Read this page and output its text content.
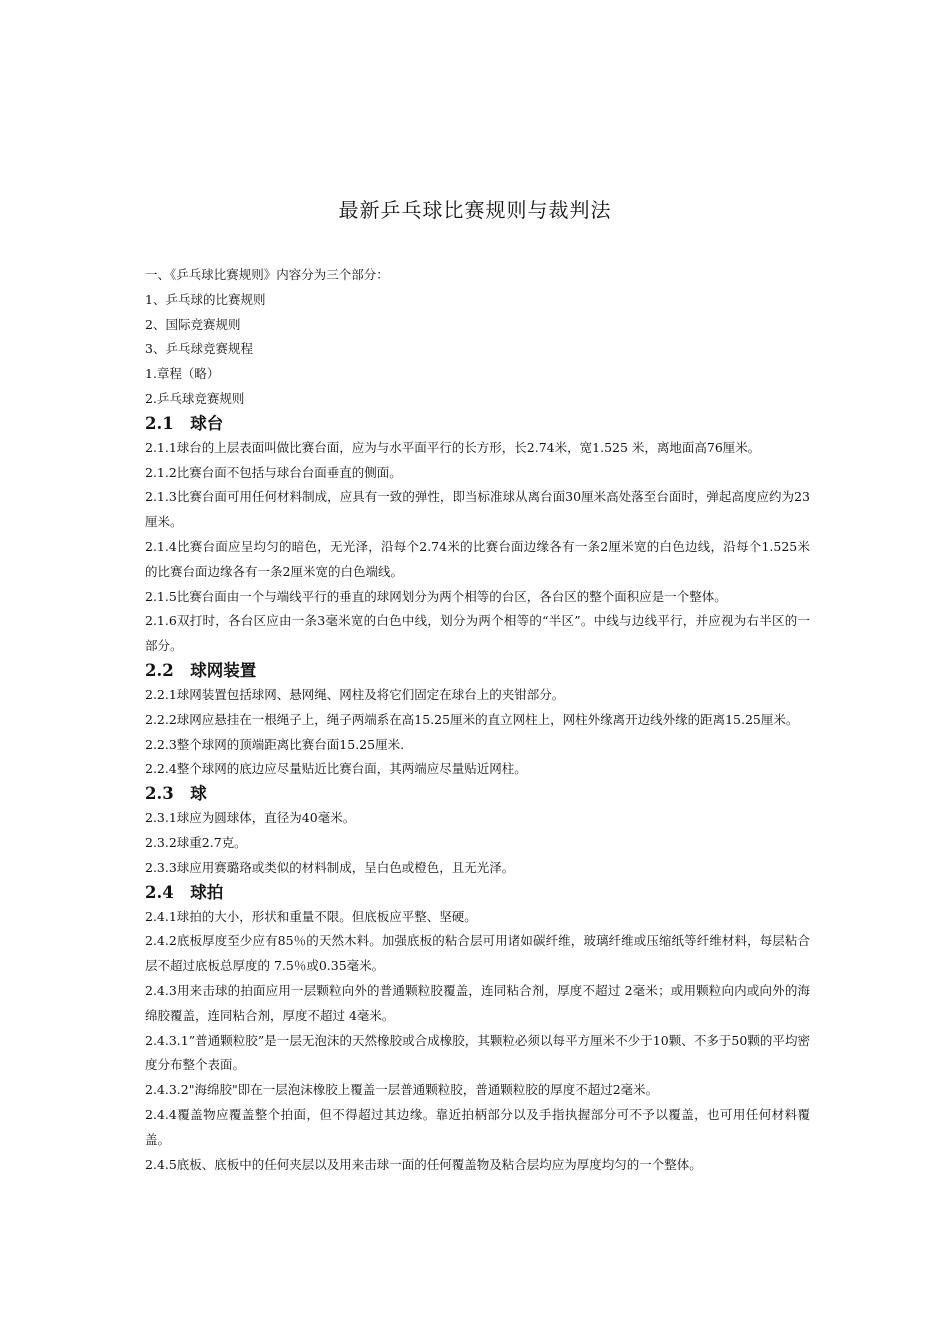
最新乒乓球比赛规则与裁判法

一、《乒乓球比赛规则》内容分为三个部分：

1、乒乓球的比赛规则

2、国际竞赛规则

3、乒乓球竞赛规程

1.章程（略）

2.乒乓球竞赛规则

2.1　球台

2.1.1球台的上层表面叫做比赛台面，应为与水平面平行的长方形，长2.74米，宽1.525 米，离地面高76厘米。

2.1.2比赛台面不包括与球台台面垂直的侧面。

2.1.3比赛台面可用任何材料制成，应具有一致的弹性，即当标准球从离台面30厘米高处落至台面时，弹起高度应约为23厘米。

2.1.4比赛台面应呈均匀的暗色，无光泽，沿每个2.74米的比赛台面边缘各有一条2厘米宽的白色边线，沿每个1.525米的比赛台面边缘各有一条2厘米宽的白色端线。

2.1.5比赛台面由一个与端线平行的垂直的球网划分为两个相等的台区，各台区的整个面积应是一个整体。

2.1.6双打时，各台区应由一条3毫米宽的白色中线，划分为两个相等的“半区”。中线与边线平行，并应视为右半区的一部分。

2.2　球网装置

2.2.1球网装置包括球网、悬网绳、网柱及将它们固定在球台上的夹钳部分。

2.2.2球网应悬挂在一根绳子上，绳子两端系在高15.25厘米的直立网柱上，网柱外缘离开边线外缘的距离15.25厘米。

2.2.3整个球网的顶端距离比赛台面15.25厘米.

2.2.4整个球网的底边应尽量贴近比赛台面，其两端应尽量贴近网柱。

2.3　球

2.3.1球应为圆球体，直径为40毫米。

2.3.2球重2.7克。

2.3.3球应用赛璐珞或类似的材料制成，呈白色或橙色，且无光泽。

2.4　球拍

2.4.1球拍的大小，形状和重量不限。但底板应平整、坚硬。

2.4.2底板厚度至少应有85％的天然木料。加强底板的粘合层可用诸如碳纤维，玻璃纤维或压缩纸等纤维材料，每层粘合层不超过底板总厚度的 7.5％或0.35毫米。

2.4.3用来击球的拍面应用一层颗粒向外的普通颗粒胶覆盖，连同粘合剂，厚度不超过 2毫米；或用颗粒向内或向外的海绵胶覆盖，连同粘合剂，厚度不超过 4毫米。

2.4.3.1”普通颗粒胶”是一层无泡沫的天然橡胶或合成橡胶，其颗粒必须以每平方厘米不少于10颗、不多于50颗的平均密度分布整个表面。

2.4.3.2"海绵胶"即在一层泡沫橡胶上覆盖一层普通颗粒胶，普通颗粒胶的厚度不超过2毫米。

2.4.4覆盖物应覆盖整个拍面，但不得超过其边缘。靠近拍柄部分以及手指执握部分可不予以覆盖，也可用任何材料覆盖。

2.4.5底板、底板中的任何夹层以及用来击球一面的任何覆盖物及粘合层均应为厚度均匀的一个整体。
